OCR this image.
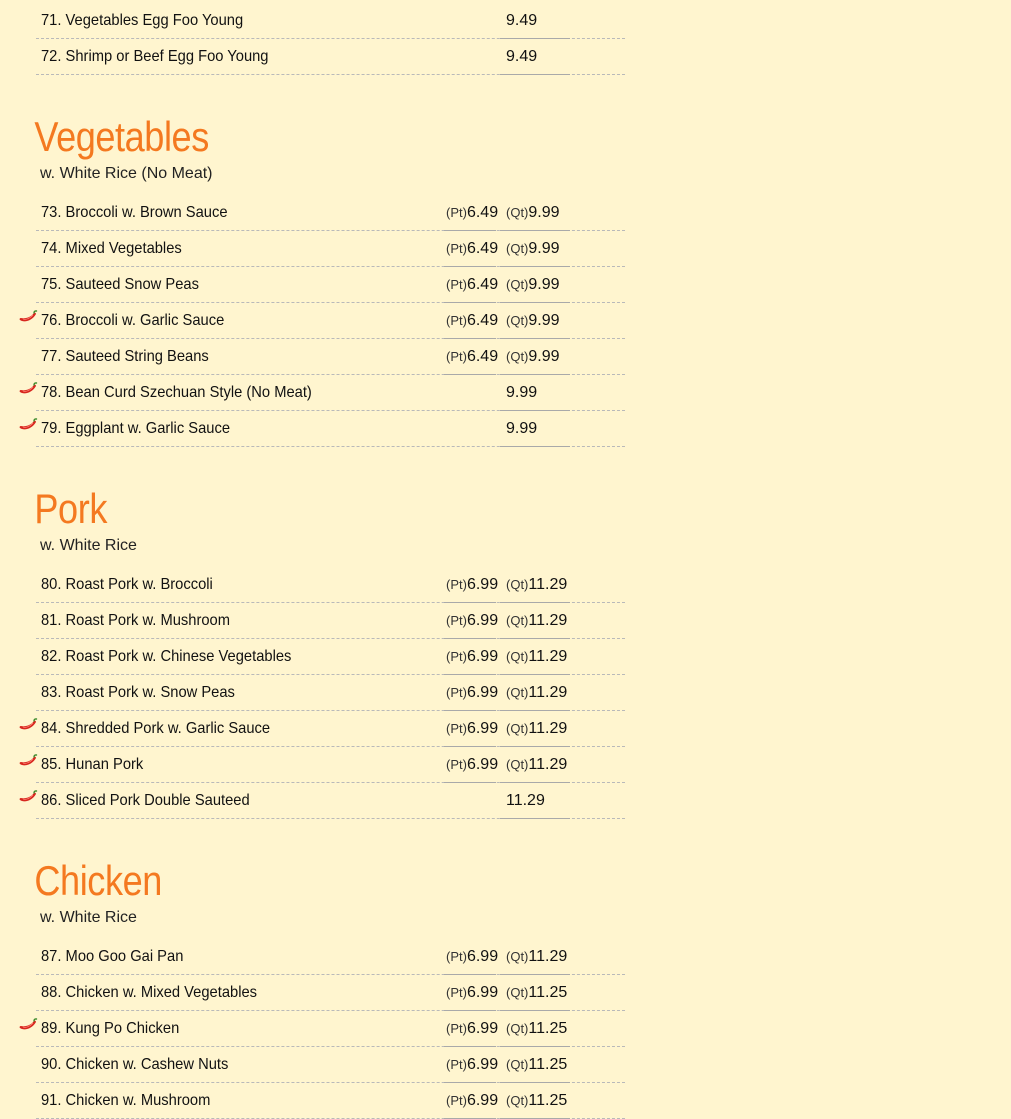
71. Vegetables Egg Foo Young	9.49
72. Shrimp or Beef Egg Foo Young	9.49
Vegetables
w. White Rice (No Meat)
73. Broccoli w. Brown Sauce	(Pt)6.49 (Qt)9.99
74. Mixed Vegetables	(Pt)6.49 (Qt)9.99
75. Sauteed Snow Peas	(Pt)6.49 (Qt)9.99
76. Broccoli w. Garlic Sauce	(Pt)6.49 (Qt)9.99
77. Sauteed String Beans	(Pt)6.49 (Qt)9.99
78. Bean Curd Szechuan Style (No Meat)	9.99
79. Eggplant w. Garlic Sauce	9.99
Pork
w. White Rice
80. Roast Pork w. Broccoli	(Pt)6.99 (Qt)11.29
81. Roast Pork w. Mushroom	(Pt)6.99 (Qt)11.29
82. Roast Pork w. Chinese Vegetables	(Pt)6.99 (Qt)11.29
83. Roast Pork w. Snow Peas	(Pt)6.99 (Qt)11.29
84. Shredded Pork w. Garlic Sauce	(Pt)6.99 (Qt)11.29
85. Hunan Pork	(Pt)6.99 (Qt)11.29
86. Sliced Pork Double Sauteed	11.29
Chicken
w. White Rice
87. Moo Goo Gai Pan	(Pt)6.99 (Qt)11.29
88. Chicken w. Mixed Vegetables	(Pt)6.99 (Qt)11.25
89. Kung Po Chicken	(Pt)6.99 (Qt)11.25
90. Chicken w. Cashew Nuts	(Pt)6.99 (Qt)11.25
91. Chicken w. Mushroom	(Pt)6.99 (Qt)11.25
